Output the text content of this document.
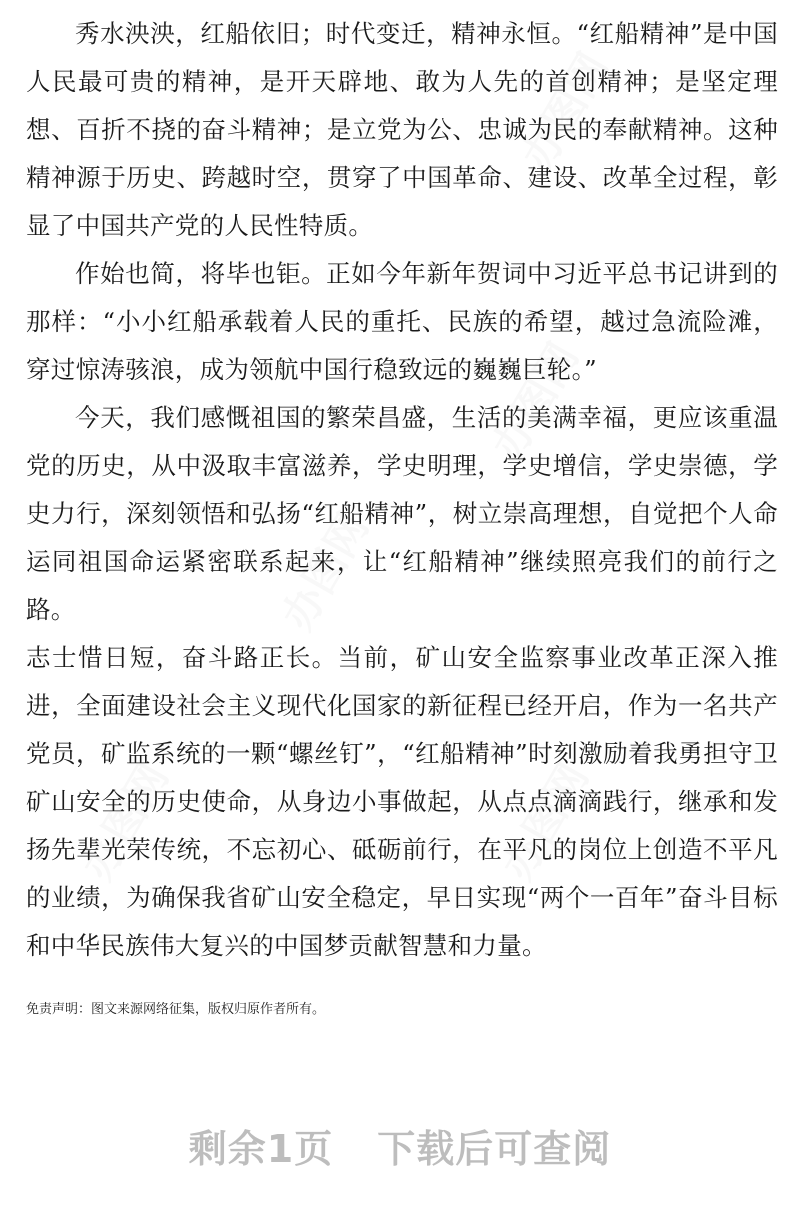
办图网
办图网
办图网
办图网
办图网

秀水泱泱，红船依旧；时代变迁，精神永恒。“红船精神”是中国人民最可贵的精神，是开天辟地、敢为人先的首创精神；是坚定理想、百折不挠的奋斗精神；是立党为公、忠诚为民的奉献精神。这种精神源于历史、跨越时空，贯穿了中国革命、建设、改革全过程，彰显了中国共产党的人民性特质。

作始也简，将毕也钜。正如今年新年贺词中习近平总书记讲到的那样：“小小红船承载着人民的重托、民族的希望，越过急流险滩，穿过惊涛骇浪，成为领航中国行稳致远的巍巍巨轮。”

今天，我们感慨祖国的繁荣昌盛，生活的美满幸福，更应该重温党的历史，从中汲取丰富滋养，学史明理，学史增信，学史崇德，学史力行，深刻领悟和弘扬“红船精神”，树立崇高理想，自觉把个人命运同祖国命运紧密联系起来，让“红船精神”继续照亮我们的前行之路。

志士惜日短，奋斗路正长。当前，矿山安全监察事业改革正深入推进，全面建设社会主义现代化国家的新征程已经开启，作为一名共产党员，矿监系统的一颗“螺丝钉”，“红船精神”时刻激励着我勇担守卫矿山安全的历史使命，从身边小事做起，从点点滴滴践行，继承和发扬先辈光荣传统，不忘初心、砥砺前行，在平凡的岗位上创造不平凡的业绩，为确保我省矿山安全稳定，早日实现“两个一百年”奋斗目标和中华民族伟大复兴的中国梦贡献智慧和力量。

免责声明：图文来源网络征集，版权归原作者所有。
剩余1页 下载后可查阅
